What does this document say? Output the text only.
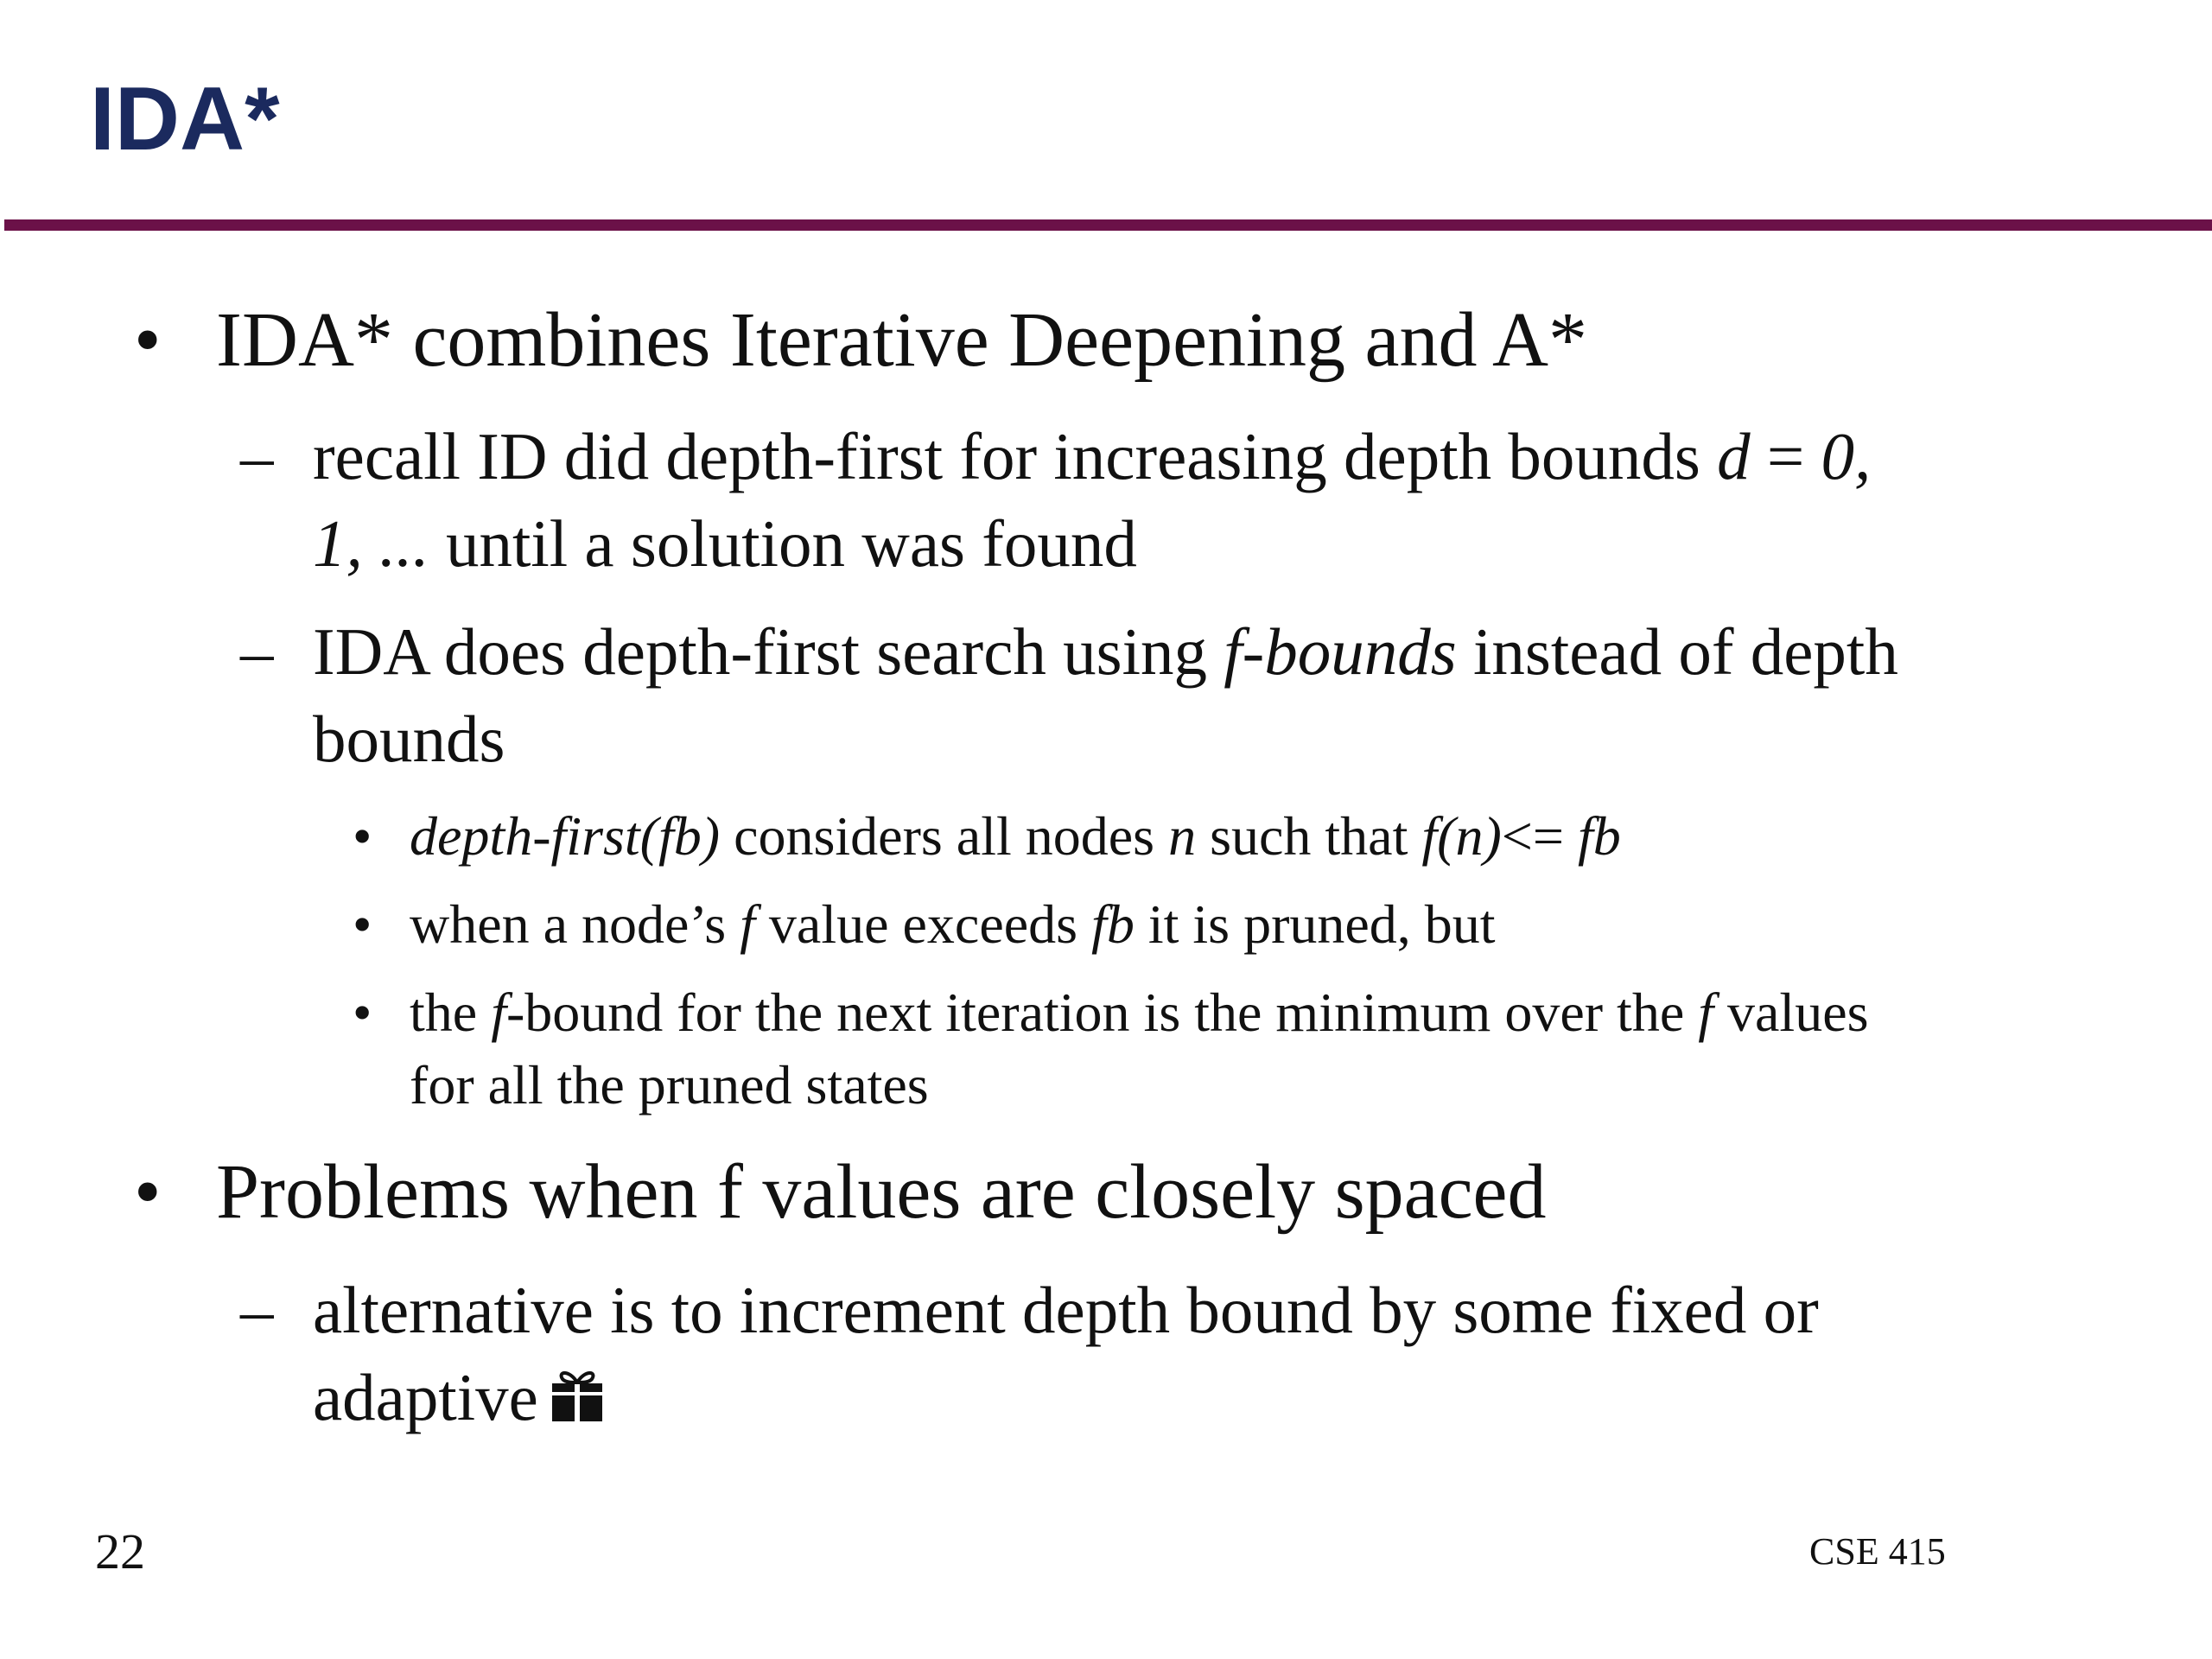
IDA*
• IDA* combines Iterative Deepening and A*
– recall ID did depth-first for increasing depth bounds d = 0,
1, ... until a solution was found
– IDA does depth-first search using f-bounds instead of depth
bounds
• depth-first(fb) considers all nodes n such that f(n)<= fb
• when a node’s f value exceeds fb it is pruned, but
• the f-bound for the next iteration is the minimum over the f values
for all the pruned states
• Problems when f values are closely spaced
– alternative is to increment depth bound by some fixed or
adaptive
22	CSE 415
